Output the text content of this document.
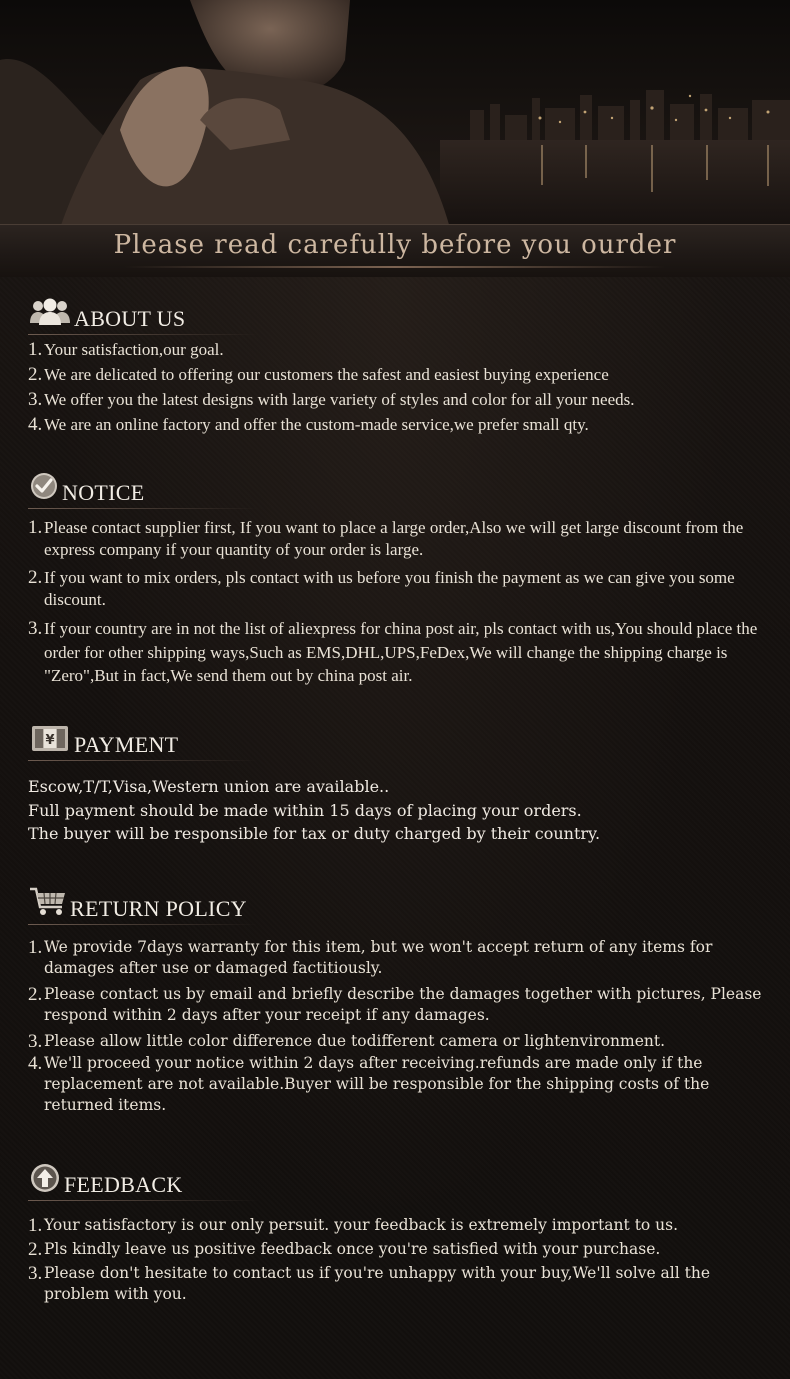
Please read carefully before you ourder
ABOUT US
1. Your satisfaction,our goal.
2. We are delicated to offering our customers the safest and easiest buying experience
3. We offer you the latest designs with large variety of styles and color for all your needs.
4. We are an online factory and offer the custom-made service,we prefer small qty.
NOTICE
1. Please contact supplier first, If you want to place a large order,Also we will get large discount from the express company if your quantity of your order is large.
2. If you want to mix orders, pls contact with us before you finish the payment as we can give you some discount.
3. If your country are in not the list of aliexpress for china post air, pls contact with us,You should place the order for other shipping ways,Such as EMS,DHL,UPS,FeDex,We will change the shipping charge is "Zero",But in fact,We send them out by china post air.
¥ PAYMENT
Escow,T/T,Visa,Western union are available..
Full payment should be made within 15 days of placing your orders.
The buyer will be responsible for tax or duty charged by their country.
RETURN POLICY
1. We provide 7days warranty for this item, but we won't accept return of any items for damages after use or damaged factitiously.
2. Please contact us by email and briefly describe the damages together with pictures, Please respond within 2 days after your receipt if any damages.
3. Please allow little color difference due todifferent camera or lightenvironment.
4. We'll proceed your notice within 2 days after receiving.refunds are made only if the replacement are not available.Buyer will be responsible for the shipping costs of the returned items.
FEEDBACK
1. Your satisfactory is our only persuit. your feedback is extremely important to us.
2. Pls kindly leave us positive feedback once you're satisfied with your purchase.
3. Please don't hesitate to contact us if you're unhappy with your buy,We'll solve all the problem with you.
